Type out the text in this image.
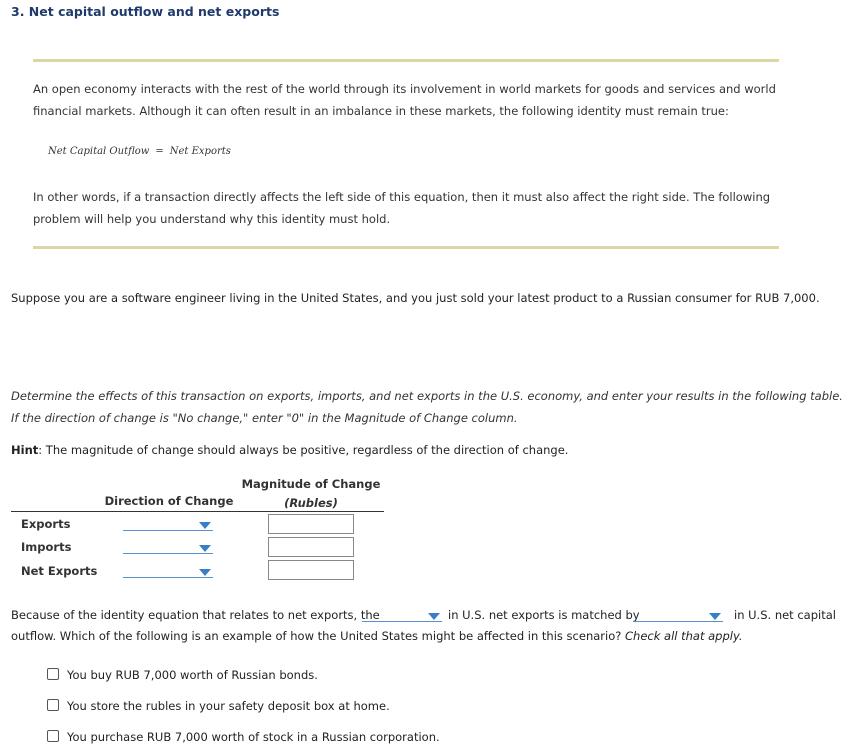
3. Net capital outflow and net exports
An open economy interacts with the rest of the world through its involvement in world markets for goods and services and world financial markets. Although it can often result in an imbalance in these markets, the following identity must remain true:
Net Capital Outflow = Net Exports
In other words, if a transaction directly affects the left side of this equation, then it must also affect the right side. The following problem will help you understand why this identity must hold.
Suppose you are a software engineer living in the United States, and you just sold your latest product to a Russian consumer for RUB 7,000.
Determine the effects of this transaction on exports, imports, and net exports in the U.S. economy, and enter your results in the following table. If the direction of change is "No change," enter "0" in the Magnitude of Change column.
Hint: The magnitude of change should always be positive, regardless of the direction of change.
Magnitude of Change
(Rubles)
Direction of Change
Exports
Imports
Net Exports
Because of the identity equation that relates to net exports, the	in U.S. net exports is matched by	in U.S. net capital
outflow. Which of the following is an example of how the United States might be affected in this scenario? Check all that apply.
You buy RUB 7,000 worth of Russian bonds.
You store the rubles in your safety deposit box at home.
You purchase RUB 7,000 worth of stock in a Russian corporation.
